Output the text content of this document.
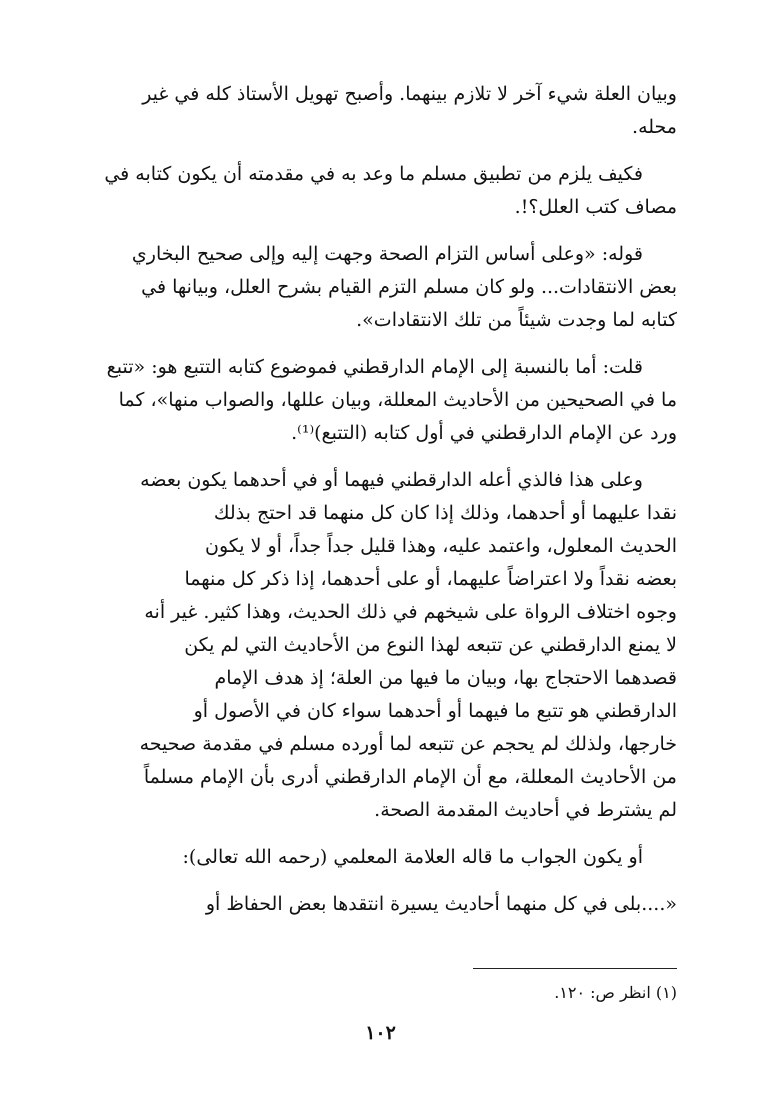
وبيان العلة شيء آخر لا تلازم بينهما. وأصبح تهويل الأستاذ كله في غير
محله.

فكيف يلزم من تطبيق مسلم ما وعد به في مقدمته أن يكون كتابه في
مصاف كتب العلل؟!.

قوله: «وعلى أساس التزام الصحة وجهت إليه وإلى صحيح البخاري
بعض الانتقادات... ولو كان مسلم التزم القيام بشرح العلل، وبيانها في
كتابه لما وجدت شيئاً من تلك الانتقادات».

قلت: أما بالنسبة إلى الإمام الدارقطني فموضوع كتابه التتبع هو: «تتبع
ما في الصحيحين من الأحاديث المعللة، وبيان عللها، والصواب منها»، كما
ورد عن الإمام الدارقطني في أول كتابه (التتبع)⁽¹⁾.

وعلى هذا فالذي أعله الدارقطني فيهما أو في أحدهما يكون بعضه
نقدا عليهما أو أحدهما، وذلك إذا كان كل منهما قد احتج بذلك
الحديث المعلول، واعتمد عليه، وهذا قليل جداً جداً، أو لا يكون
بعضه نقداً ولا اعتراضاً عليهما، أو على أحدهما، إذا ذكر كل منهما
وجوه اختلاف الرواة على شيخهم في ذلك الحديث، وهذا كثير. غير أنه
لا يمنع الدارقطني عن تتبعه لهذا النوع من الأحاديث التي لم يكن
قصدهما الاحتجاج بها، وبيان ما فيها من العلة؛ إذ هدف الإمام
الدارقطني هو تتبع ما فيهما أو أحدهما سواء كان في الأصول أو
خارجها، ولذلك لم يحجم عن تتبعه لما أورده مسلم في مقدمة صحيحه
من الأحاديث المعللة، مع أن الإمام الدارقطني أدرى بأن الإمام مسلماً
لم يشترط في أحاديث المقدمة الصحة.

أو يكون الجواب ما قاله العلامة المعلمي (رحمه الله تعالى):

«....بلى في كل منهما أحاديث يسيرة انتقدها بعض الحفاظ أو

(١) انظر ص: ١٢٠.
١٠٢
